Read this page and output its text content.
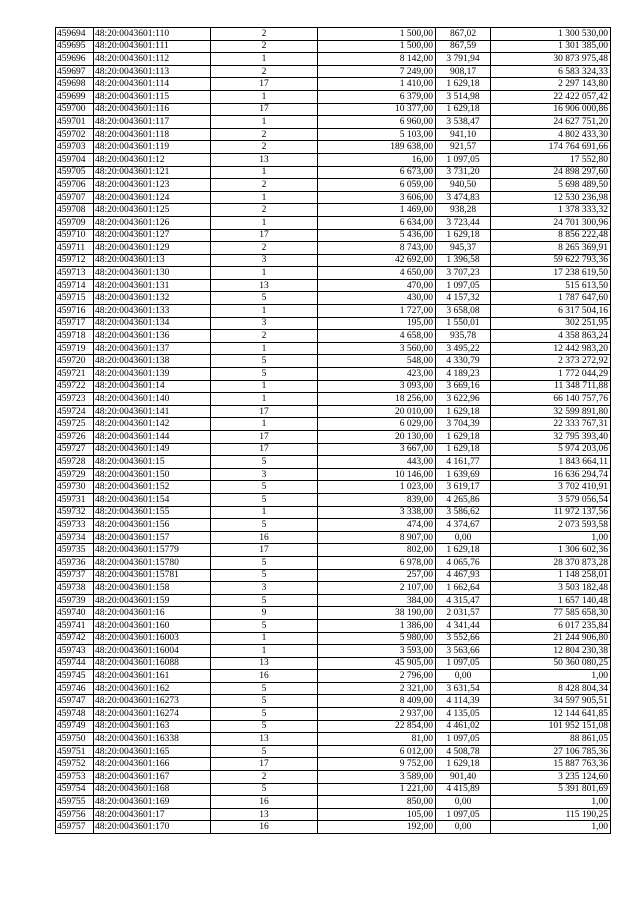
459694	48:20:0043601:110	2	1 500,00	867,02	1 300 530,00
459695	48:20:0043601:111	2	1 500,00	867,59	1 301 385,00
459696	48:20:0043601:112	1	8 142,00	3 791,94	30 873 975,48
459697	48:20:0043601:113	2	7 249,00	908,17	6 583 324,33
459698	48:20:0043601:114	17	1 410,00	1 629,18	2 297 143,80
459699	48:20:0043601:115	1	6 379,00	3 514,98	22 422 057,42
459700	48:20:0043601:116	17	10 377,00	1 629,18	16 906 000,86
459701	48:20:0043601:117	1	6 960,00	3 538,47	24 627 751,20
459702	48:20:0043601:118	2	5 103,00	941,10	4 802 433,30
459703	48:20:0043601:119	2	189 638,00	921,57	174 764 691,66
459704	48:20:0043601:12	13	16,00	1 097,05	17 552,80
459705	48:20:0043601:121	1	6 673,00	3 731,20	24 898 297,60
459706	48:20:0043601:123	2	6 059,00	940,50	5 698 489,50
459707	48:20:0043601:124	1	3 606,00	3 474,83	12 530 236,98
459708	48:20:0043601:125	2	1 469,00	938,28	1 378 333,32
459709	48:20:0043601:126	1	6 634,00	3 723,44	24 701 300,96
459710	48:20:0043601:127	17	5 436,00	1 629,18	8 856 222,48
459711	48:20:0043601:129	2	8 743,00	945,37	8 265 369,91
459712	48:20:0043601:13	3	42 692,00	1 396,58	59 622 793,36
459713	48:20:0043601:130	1	4 650,00	3 707,23	17 238 619,50
459714	48:20:0043601:131	13	470,00	1 097,05	515 613,50
459715	48:20:0043601:132	5	430,00	4 157,32	1 787 647,60
459716	48:20:0043601:133	1	1 727,00	3 658,08	6 317 504,16
459717	48:20:0043601:134	3	195,00	1 550,01	302 251,95
459718	48:20:0043601:136	2	4 658,00	935,78	4 358 863,24
459719	48:20:0043601:137	1	3 560,00	3 495,22	12 442 983,20
459720	48:20:0043601:138	5	548,00	4 330,79	2 373 272,92
459721	48:20:0043601:139	5	423,00	4 189,23	1 772 044,29
459722	48:20:0043601:14	1	3 093,00	3 669,16	11 348 711,88
459723	48:20:0043601:140	1	18 256,00	3 622,96	66 140 757,76
459724	48:20:0043601:141	17	20 010,00	1 629,18	32 599 891,80
459725	48:20:0043601:142	1	6 029,00	3 704,39	22 333 767,31
459726	48:20:0043601:144	17	20 130,00	1 629,18	32 795 393,40
459727	48:20:0043601:149	17	3 667,00	1 629,18	5 974 203,06
459728	48:20:0043601:15	5	443,00	4 161,77	1 843 664,11
459729	48:20:0043601:150	3	10 146,00	1 639,69	16 636 294,74
459730	48:20:0043601:152	5	1 023,00	3 619,17	3 702 410,91
459731	48:20:0043601:154	5	839,00	4 265,86	3 579 056,54
459732	48:20:0043601:155	1	3 338,00	3 586,62	11 972 137,56
459733	48:20:0043601:156	5	474,00	4 374,67	2 073 593,58
459734	48:20:0043601:157	16	8 907,00	0,00	1,00
459735	48:20:0043601:15779	17	802,00	1 629,18	1 306 602,36
459736	48:20:0043601:15780	5	6 978,00	4 065,76	28 370 873,28
459737	48:20:0043601:15781	5	257,00	4 467,93	1 148 258,01
459738	48:20:0043601:158	3	2 107,00	1 662,64	3 503 182,48
459739	48:20:0043601:159	5	384,00	4 315,47	1 657 140,48
459740	48:20:0043601:16	9	38 190,00	2 031,57	77 585 658,30
459741	48:20:0043601:160	5	1 386,00	4 341,44	6 017 235,84
459742	48:20:0043601:16003	1	5 980,00	3 552,66	21 244 906,80
459743	48:20:0043601:16004	1	3 593,00	3 563,66	12 804 230,38
459744	48:20:0043601:16088	13	45 905,00	1 097,05	50 360 080,25
459745	48:20:0043601:161	16	2 796,00	0,00	1,00
459746	48:20:0043601:162	5	2 321,00	3 631,54	8 428 804,34
459747	48:20:0043601:16273	5	8 409,00	4 114,39	34 597 905,51
459748	48:20:0043601:16274	5	2 937,00	4 135,05	12 144 641,85
459749	48:20:0043601:163	5	22 854,00	4 461,02	101 952 151,08
459750	48:20:0043601:16338	13	81,00	1 097,05	88 861,05
459751	48:20:0043601:165	5	6 012,00	4 508,78	27 106 785,36
459752	48:20:0043601:166	17	9 752,00	1 629,18	15 887 763,36
459753	48:20:0043601:167	2	3 589,00	901,40	3 235 124,60
459754	48:20:0043601:168	5	1 221,00	4 415,89	5 391 801,69
459755	48:20:0043601:169	16	850,00	0,00	1,00
459756	48:20:0043601:17	13	105,00	1 097,05	115 190,25
459757	48:20:0043601:170	16	192,00	0,00	1,00
